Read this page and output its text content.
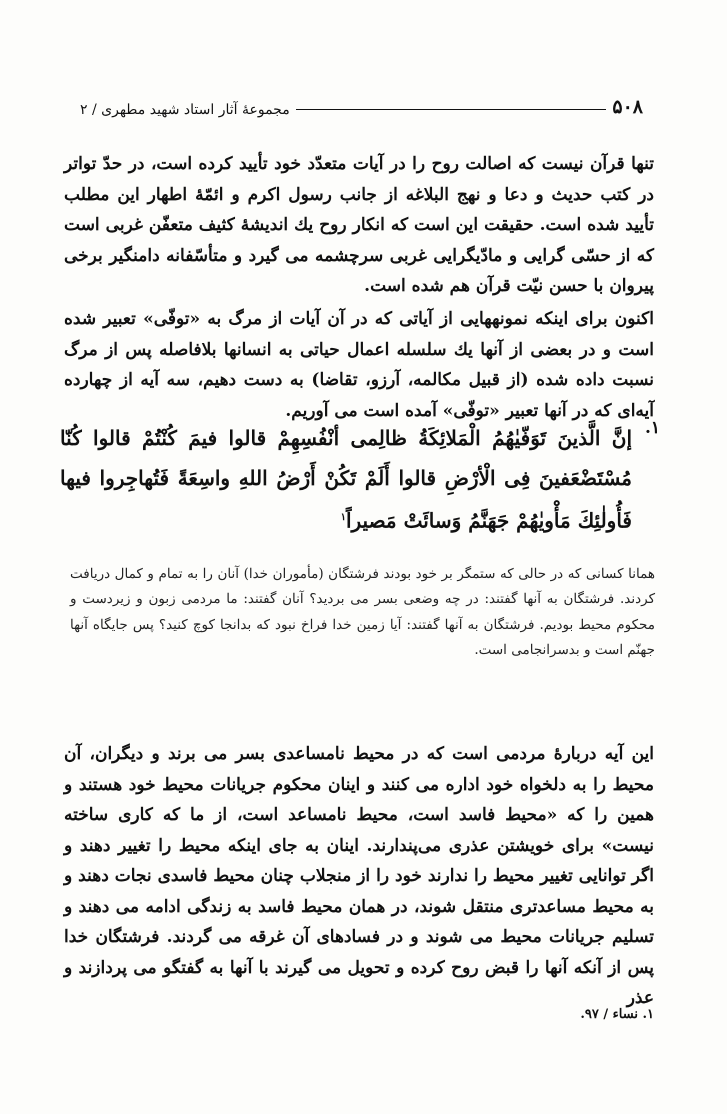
۵۰۸
مجموعهٔ آثار استاد شهید مطهری / ۲

تنها قرآن نیست که اصالت روح را در آیات متعدّد خود تأیید کرده است، در حدّ تواتر در کتب حدیث و دعا و نهج البلاغه از جانب رسول اکرم و ائمّهٔ اطهار این مطلب تأیید شده است. حقیقت این است که انکار روح یك اندیشهٔ کثیف متعفّن غربی است که از حسّی گرایی و مادّیگرایی غربی سرچشمه می گیرد و متأسّفانه دامنگیر برخی پیروان با حسن نیّت قرآن هم شده است.

اکنون برای اینکه نمونههایی از آیاتی که در آن آیات از مرگ به «توفّی» تعبیر شده است و در بعضی از آنها یك سلسله اعمال حیاتی به انسانها بلافاصله پس از مرگ نسبت داده شده (از قبیل مکالمه، آرزو، تقاضا) به دست دهیم، سه آیه از چهارده آیه‌ای که در آنها تعبیر «توفّی» آمده است می آوریم.

۱.
إنَّ الَّذینَ تَوَفّیٰهُمُ الْمَلائِکَةُ ظالِمی أنْفُسِهِمْ قالوا فیمَ کُنْتُمْ قالوا کُنّا مُسْتَضْعَفینَ فِی الْأرْضِ قالوا أَلَمْ تَکُنْ أَرْضُ اللهِ واسِعَةً فَتُهاجِروا فیها فَأُولٰئِكَ مَأْویٰهُمْ جَهَنَّمُ وَسائَتْ مَصیراً$^۱$

همانا کسانی که در حالی که ستمگر بر خود بودند فرشتگان (مأموران خدا) آنان را به تمام و کمال دریافت کردند. فرشتگان به آنها گفتند: در چه وضعی بسر می بردید؟ آنان گفتند: ما مردمی زبون و زیردست و محکوم محیط بودیم. فرشتگان به آنها گفتند: آیا زمین خدا فراخ نبود که بدانجا کوچ کنید؟ پس جایگاه آنها جهنّم است و بدسرانجامی است.

این آیه دربارهٔ مردمی است که در محیط نامساعدی بسر می برند و دیگران، آن محیط را به دلخواه خود اداره می کنند و اینان محکوم جریانات محیط خود هستند و همین را که «محیط فاسد است، محیط نامساعد است، از ما که کاری ساخته نیست» برای خویشتن عذری می‌پندارند. اینان به جای اینکه محیط را تغییر دهند و اگر توانایی تغییر محیط را ندارند خود را از منجلاب چنان محیط فاسدی نجات دهند و به محیط مساعدتری منتقل شوند، در همان محیط فاسد به زندگی ادامه می دهند و تسلیم جریانات محیط می شوند و در فسادهای آن غرقه می گردند. فرشتگان خدا پس از آنکه آنها را قبض روح کرده و تحویل می گیرند با آنها به گفتگو می پردازند و عذر

۱. نساء / ۹۷.
